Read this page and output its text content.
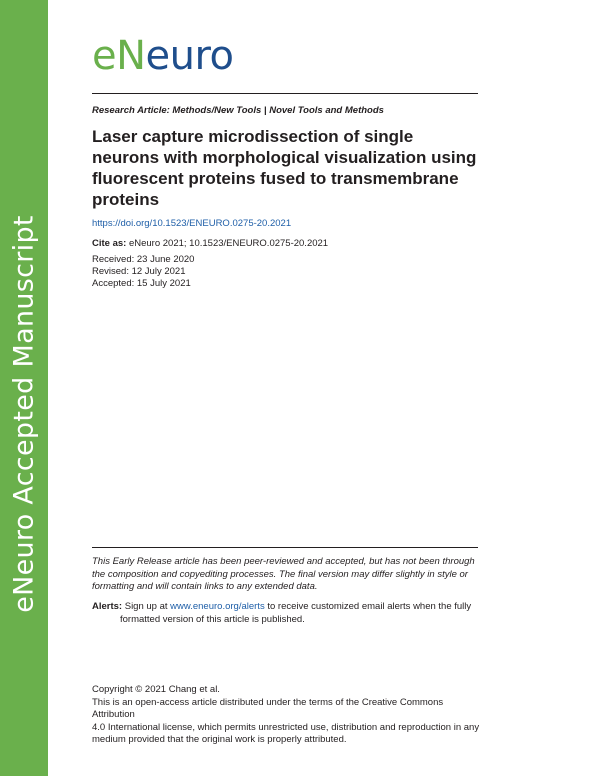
eNeuro Accepted Manuscript
eNeuro
Research Article: Methods/New Tools | Novel Tools and Methods
Laser capture microdissection of single
neurons with morphological visualization using
fluorescent proteins fused to transmembrane
proteins
https://doi.org/10.1523/ENEURO.0275-20.2021
Cite as: eNeuro 2021; 10.1523/ENEURO.0275-20.2021
Received: 23 June 2020
Revised: 12 July 2021
Accepted: 15 July 2021
This Early Release article has been peer-reviewed and accepted, but has not been through
the composition and copyediting processes. The final version may differ slightly in style or
formatting and will contain links to any extended data.
Alerts: Sign up at www.eneuro.org/alerts to receive customized email alerts when the fully
formatted version of this article is published.
Copyright © 2021 Chang et al.
This is an open-access article distributed under the terms of the Creative Commons Attribution
4.0 International license, which permits unrestricted use, distribution and reproduction in any
medium provided that the original work is properly attributed.
